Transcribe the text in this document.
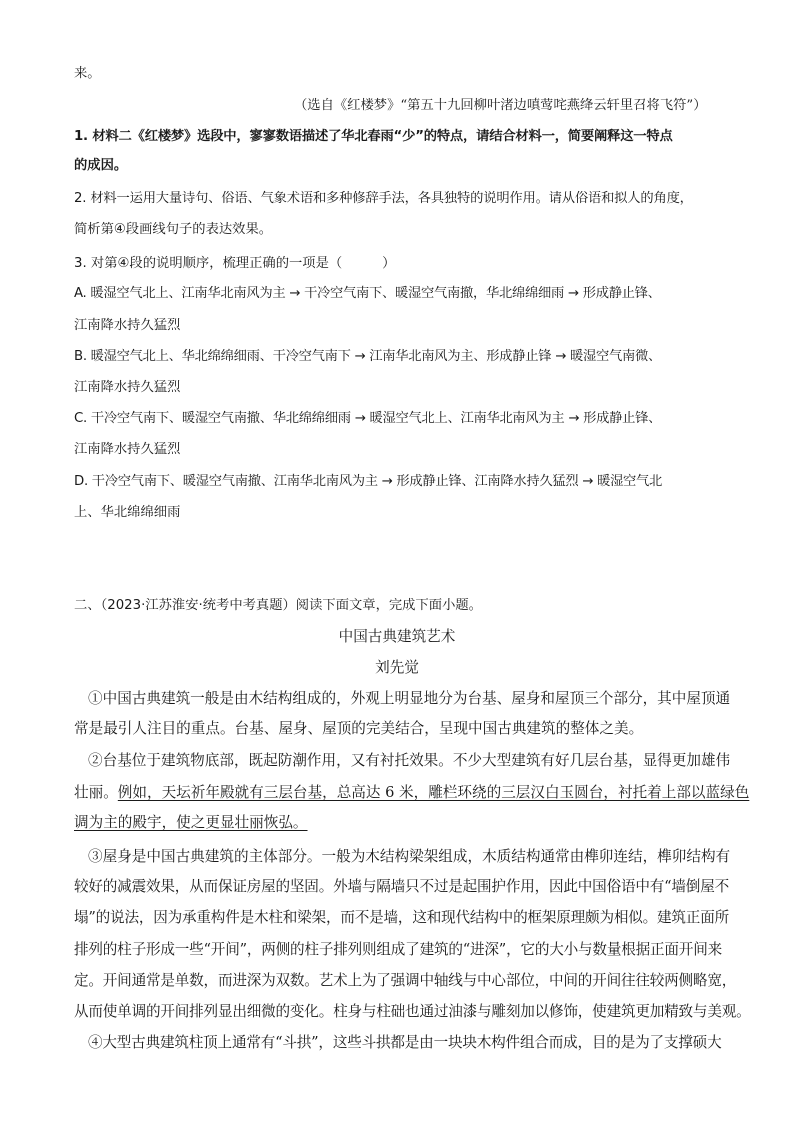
来。
（选自《红楼梦》“第五十九回柳叶渚边嗔莺咤燕绛云轩里召将飞符”）
1. 材料二《红楼梦》选段中，寥寥数语描述了华北春雨“少”的特点，请结合材料一，简要阐释这一特点
的成因。
2. 材料一运用大量诗句、俗语、气象术语和多种修辞手法，各具独特的说明作用。请从俗语和拟人的角度，
简析第④段画线句子的表达效果。
3. 对第④段的说明顺序，梳理正确的一项是（　　　）
A. 暖湿空气北上、江南华北南风为主 → 干冷空气南下、暖湿空气南撤，华北绵绵细雨 → 形成静止锋、
江南降水持久猛烈
B. 暖湿空气北上、华北绵绵细雨、干冷空气南下 → 江南华北南风为主、形成静止锋 → 暖湿空气南微、
江南降水持久猛烈
C. 干冷空气南下、暖湿空气南撤、华北绵绵细雨 → 暖湿空气北上、江南华北南风为主 → 形成静止锋、
江南降水持久猛烈
D. 干冷空气南下、暖湿空气南撤、江南华北南风为主 → 形成静止锋、江南降水持久猛烈 → 暖湿空气北
上、华北绵绵细雨
二、（2023·江苏淮安·统考中考真题）阅读下面文章，完成下面小题。
中国古典建筑艺术
刘先觉
①中国古典建筑一般是由木结构组成的，外观上明显地分为台基、屋身和屋顶三个部分，其中屋顶通
常是最引人注目的重点。台基、屋身、屋顶的完美结合，呈现中国古典建筑的整体之美。
②台基位于建筑物底部，既起防潮作用，又有衬托效果。不少大型建筑有好几层台基，显得更加雄伟
壮丽。例如，天坛祈年殿就有三层台基，总高达 6 米，雕栏环绕的三层汉白玉圆台，衬托着上部以蓝绿色
调为主的殿宇，使之更显壮丽恢弘。
③屋身是中国古典建筑的主体部分。一般为木结构梁架组成，木质结构通常由榫卯连结，榫卯结构有
较好的减震效果，从而保证房屋的坚固。外墙与隔墙只不过是起围护作用，因此中国俗语中有“墙倒屋不
塌”的说法，因为承重构件是木柱和梁架，而不是墙，这和现代结构中的框架原理颇为相似。建筑正面所
排列的柱子形成一些“开间”，两侧的柱子排列则组成了建筑的“进深”，它的大小与数量根据正面开间来
定。开间通常是单数，而进深为双数。艺术上为了强调中轴线与中心部位，中间的开间往往较两侧略宽，
从而使单调的开间排列显出细微的变化。柱身与柱础也通过油漆与雕刻加以修饰，使建筑更加精致与美观。
④大型古典建筑柱顶上通常有“斗拱”，这些斗拱都是由一块块木构件组合而成，目的是为了支撑硕大
